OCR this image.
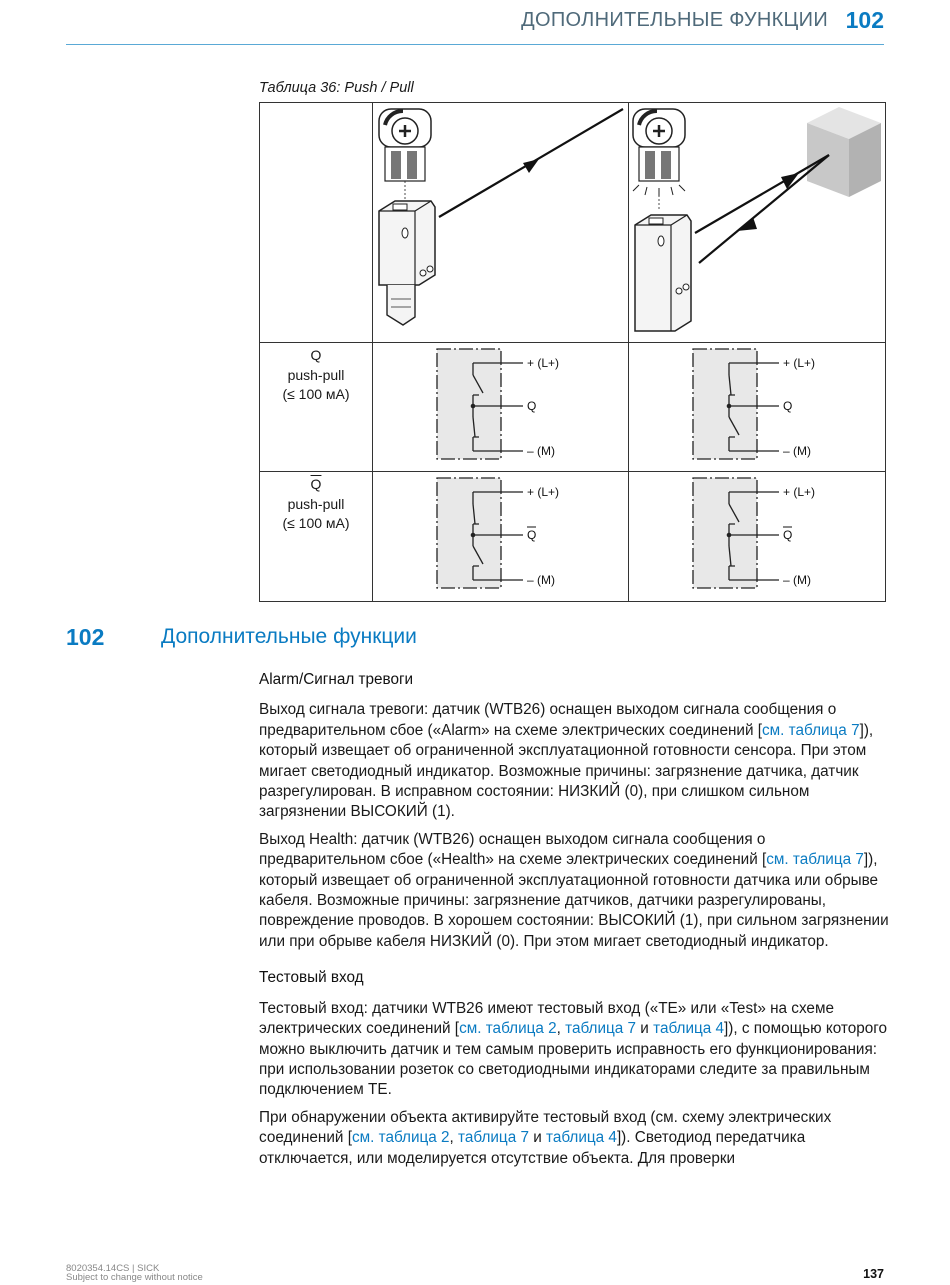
ДОПОЛНИТЕЛЬНЫЕ ФУНКЦИИ 102
Таблица 36: Push / Pull
Q
push-pull
(≤ 100 мА)
$\overline{Q}$
push-pull
(≤ 100 мА)
+ (L+)
Q
– (M)
+ (L+)
Q
– (M)
+ (L+)
Q
– (M)
+ (L+)
Q
– (M)
102	Дополнительные функции
Alarm/Сигнал тревоги

Выход сигнала тревоги: датчик (WTB26) оснащен выходом сигнала сообщения о предварительном сбое («Alarm» на схеме электрических соединений [см. таблица 7]), который извещает об ограниченной эксплуатационной готовности сенсора. При этом мигает светодиодный индикатор. Возможные причины: загрязнение датчика, датчик разрегулирован. В исправном состоянии: НИЗКИЙ (0), при слишком сильном загрязнении ВЫСОКИЙ (1).

Выход Health: датчик (WTB26) оснащен выходом сигнала сообщения о предварительном сбое («Health» на схеме электрических соединений [см. таблица 7]), который извещает об ограниченной эксплуатационной готовности датчика или обрыве кабеля. Возможные причины: загрязнение датчиков, датчики разрегулированы, повреждение проводов. В хорошем состоянии: ВЫСОКИЙ (1), при сильном загрязнении или при обрыве кабеля НИЗКИЙ (0). При этом мигает светодиодный индикатор.

Тестовый вход

Тестовый вход: датчики WTB26 имеют тестовый вход («TE» или «Test» на схеме электрических соединений [см. таблица 2, таблица 7 и таблица 4]), с помощью которого можно выключить датчик и тем самым проверить исправность его функционирования: при использовании розеток со светодиодными индикаторами следите за правильным подключением TE.

При обнаружении объекта активируйте тестовый вход (см. схему электрических соединений [см. таблица 2, таблица 7 и таблица 4]). Светодиод передатчика отключается, или моделируется отсутствие объекта. Для проверки

8020354.14CS | SICK
Subject to change without notice	137
